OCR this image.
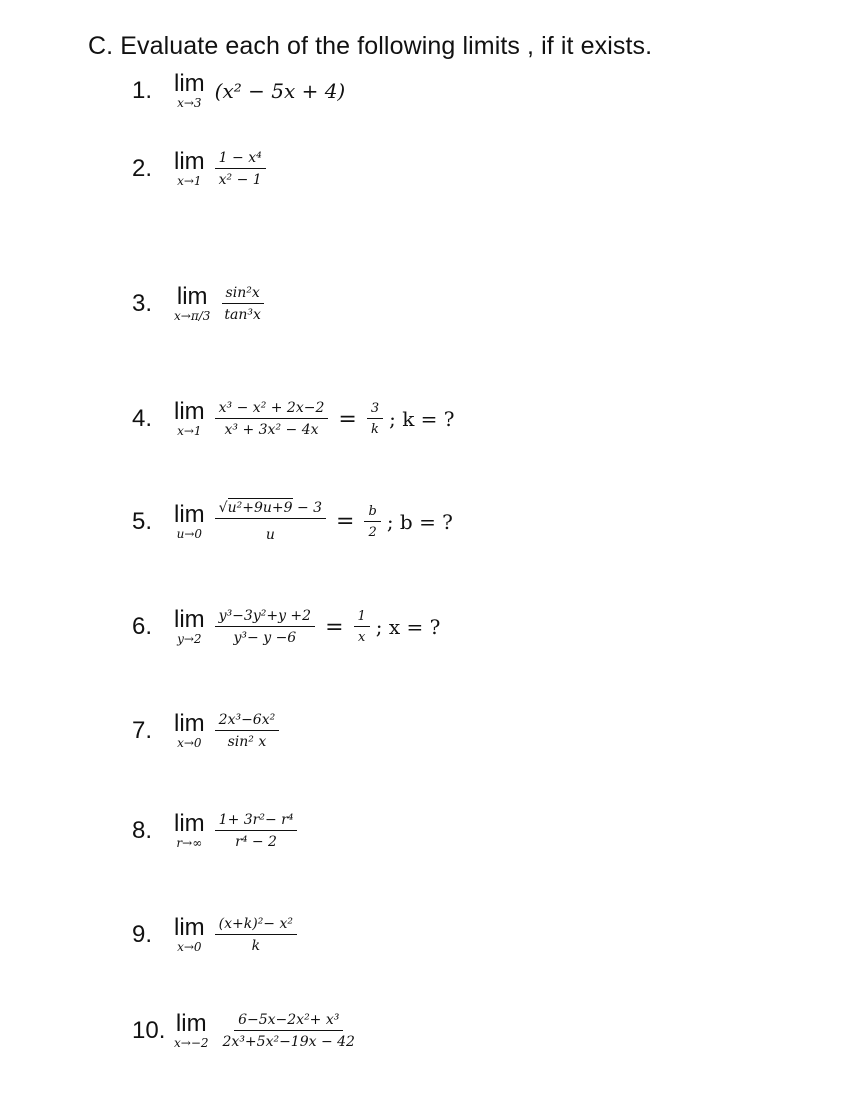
C. Evaluate each of the following limits , if it exists.
1. lim
x→3 (x² − 5x + 4)
2. lim
$x\to 1 \frac{\text{1 − x⁴}}{\text{x² − 1}}$
3.	lim
$x\to\pi/3 \frac{\text{sin²x}}{\text{tan³x}}$
4. lim
$x\to 1 \frac{\text{x³ − x² + 2x−2}}{\text{x³ + 3x² − 4x}} = \frac{3}{k}$ ; k = ?
5. lim
$u\to 0 \frac{\text{√u²+9u+9 − 3}}{u} = \frac{b}{2}$ ; b = ?
6. lim
$y\to 2 \frac{\text{y³−3y²+y +2}}{\text{y³− y −6}} = \frac{1}{x}$ ; x = ?
7. lim
$x\to 0 \frac{\text{2x³−6x²}}{\text{sin² x}}$
8. lim
$r\to\infty \frac{\text{1+ 3r²− r⁴}}{\text{r⁴ − 2}}$
9. lim
$x\to 0 \frac{\text{(x+k)²− x²}}{k}$
10. lim
$x\to-2 \frac{\text{6−5x−2x²+ x³}}{\text{2x³+5x²−19x − 42}}$
